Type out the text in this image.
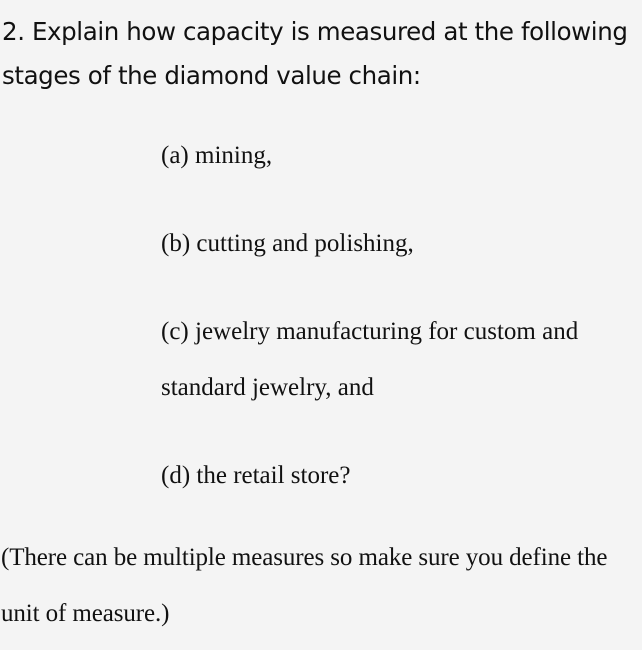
2. Explain how capacity is measured at the following stages of the diamond value chain:
(a) mining,
(b) cutting and polishing,
(c) jewelry manufacturing for custom and standard jewelry, and
(d) the retail store?

(There can be multiple measures so make sure you define the unit of measure.)
